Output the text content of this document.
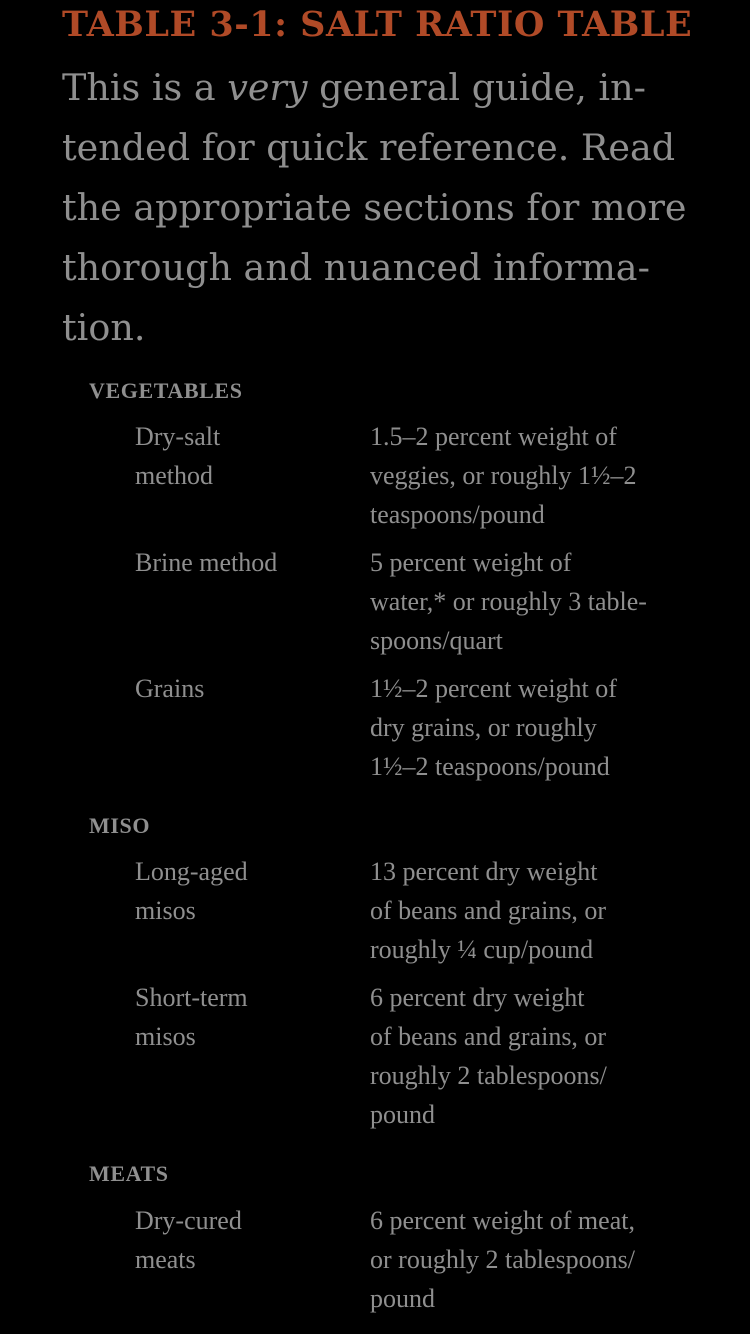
TABLE 3-1: SALT RATIO TABLE
This is a very general guide, in-
tended for quick reference. Read
the appropriate sections for more
thorough and nuanced informa-
tion.
VEGETABLES
Dry-salt
method
1.5–2 percent weight of
veggies, or roughly 1½–2
teaspoons/pound
Brine method	5 percent weight of
water,* or roughly 3 table-
spoons/quart
Grains	1½–2 percent weight of
dry grains, or roughly
1½–2 teaspoons/pound
MISO
Long-aged
misos
13 percent dry weight
of beans and grains, or
roughly ¼ cup/pound
Short-term
misos
6 percent dry weight
of beans and grains, or
roughly 2 tablespoons/
pound
MEATS
Dry-cured
meats
6 percent weight of meat,
or roughly 2 tablespoons/
pound
